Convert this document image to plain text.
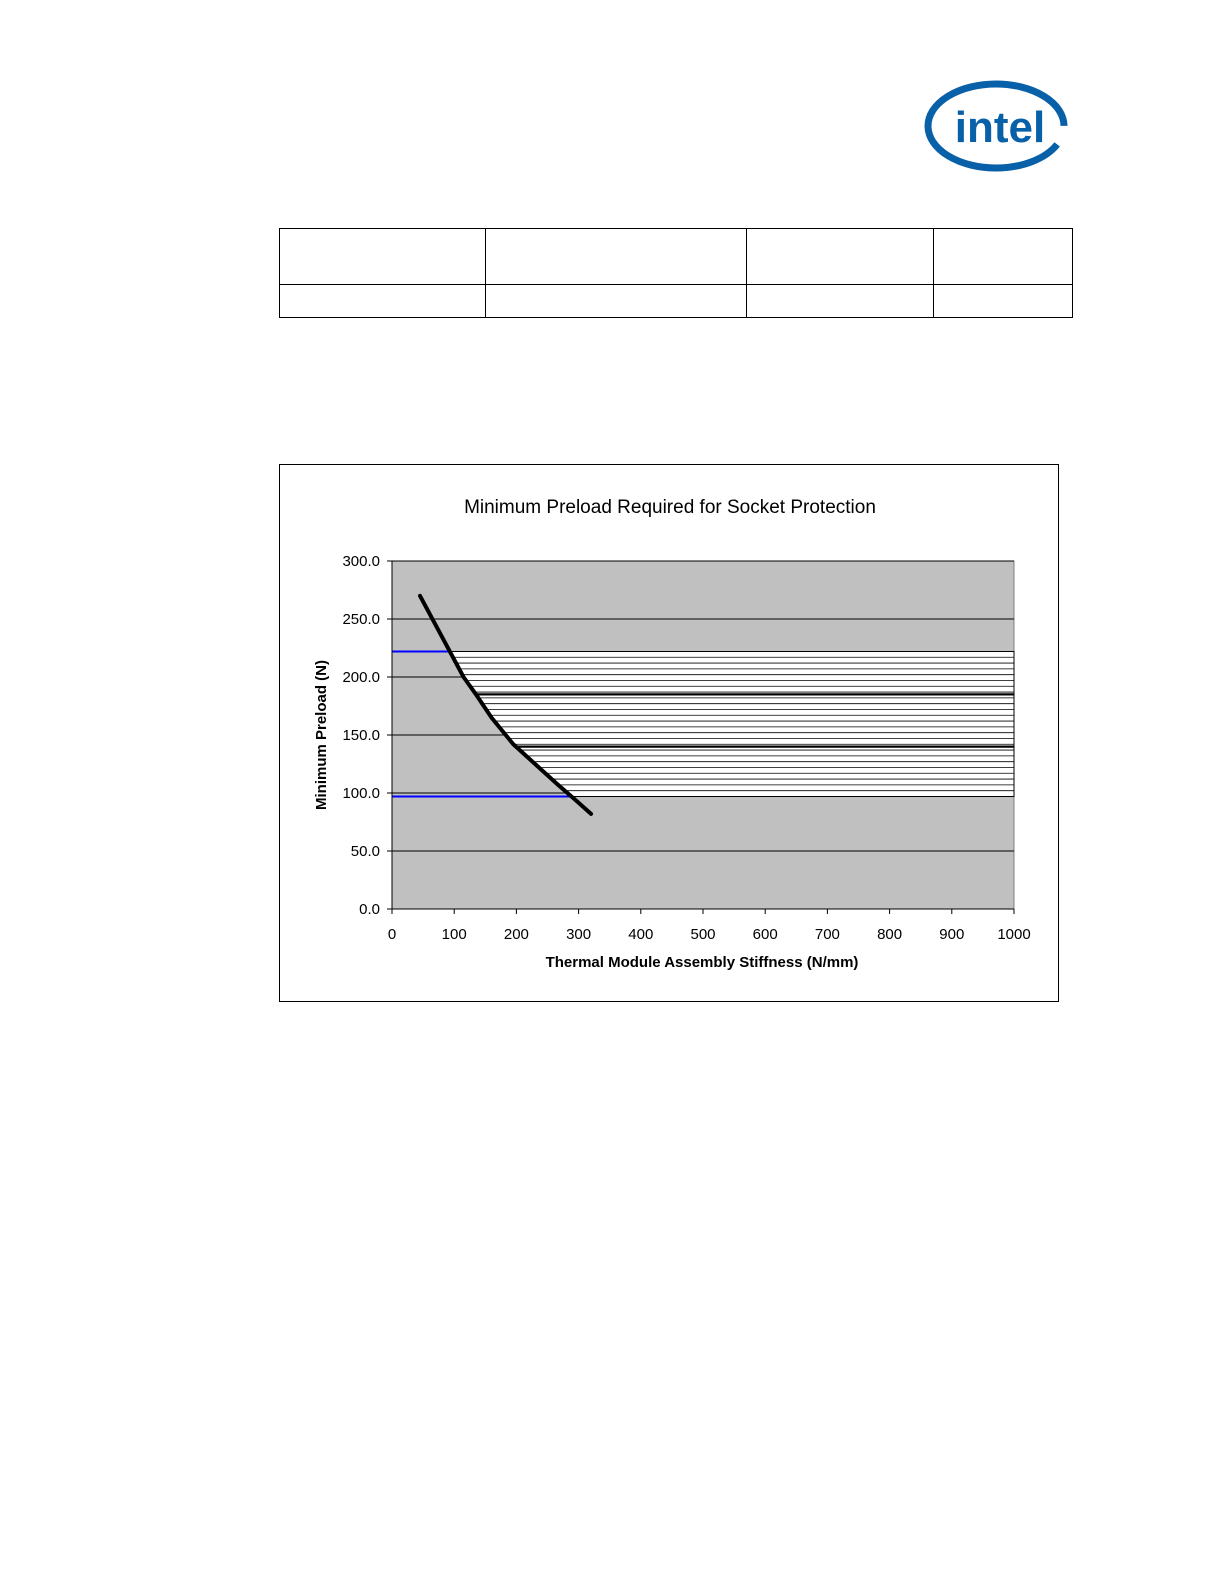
intel

Minimum Preload Required for Socket Protection
0	100 200 300 400 500 600 700 800 900 1000
0.0
50.0
100.0
150.0
200.0
250.0
300.0
Thermal Module Assembly Stiffness (N/mm)
Minimum Preload (N)
